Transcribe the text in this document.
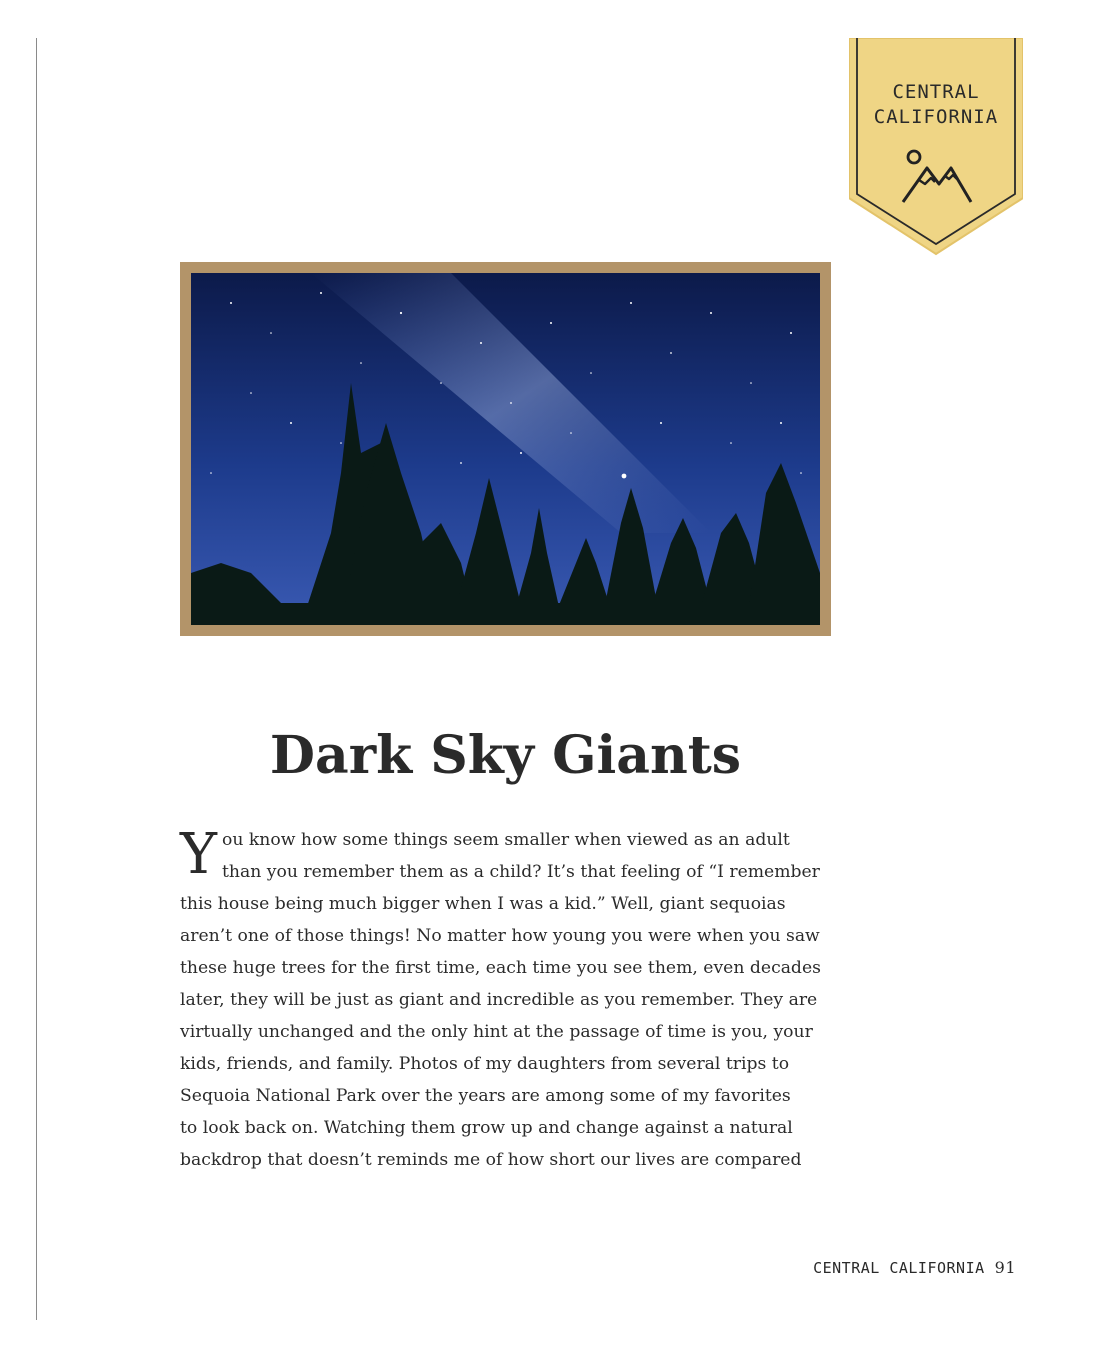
CENTRAL
CALIFORNIA
Dark Sky Giants
Y ou know how some things seem smaller when viewed as an adult
than you remember them as a child? It’s that feeling of “I remember
this house being much bigger when I was a kid.” Well, giant sequoias
aren’t one of those things! No matter how young you were when you saw
these huge trees for the first time, each time you see them, even decades
later, they will be just as giant and incredible as you remember. They are
virtually unchanged and the only hint at the passage of time is you, your
kids, friends, and family. Photos of my daughters from several trips to
Sequoia National Park over the years are among some of my favorites
to look back on. Watching them grow up and change against a natural
backdrop that doesn’t reminds me of how short our lives are compared
CENTRAL CALIFORNIA 91
